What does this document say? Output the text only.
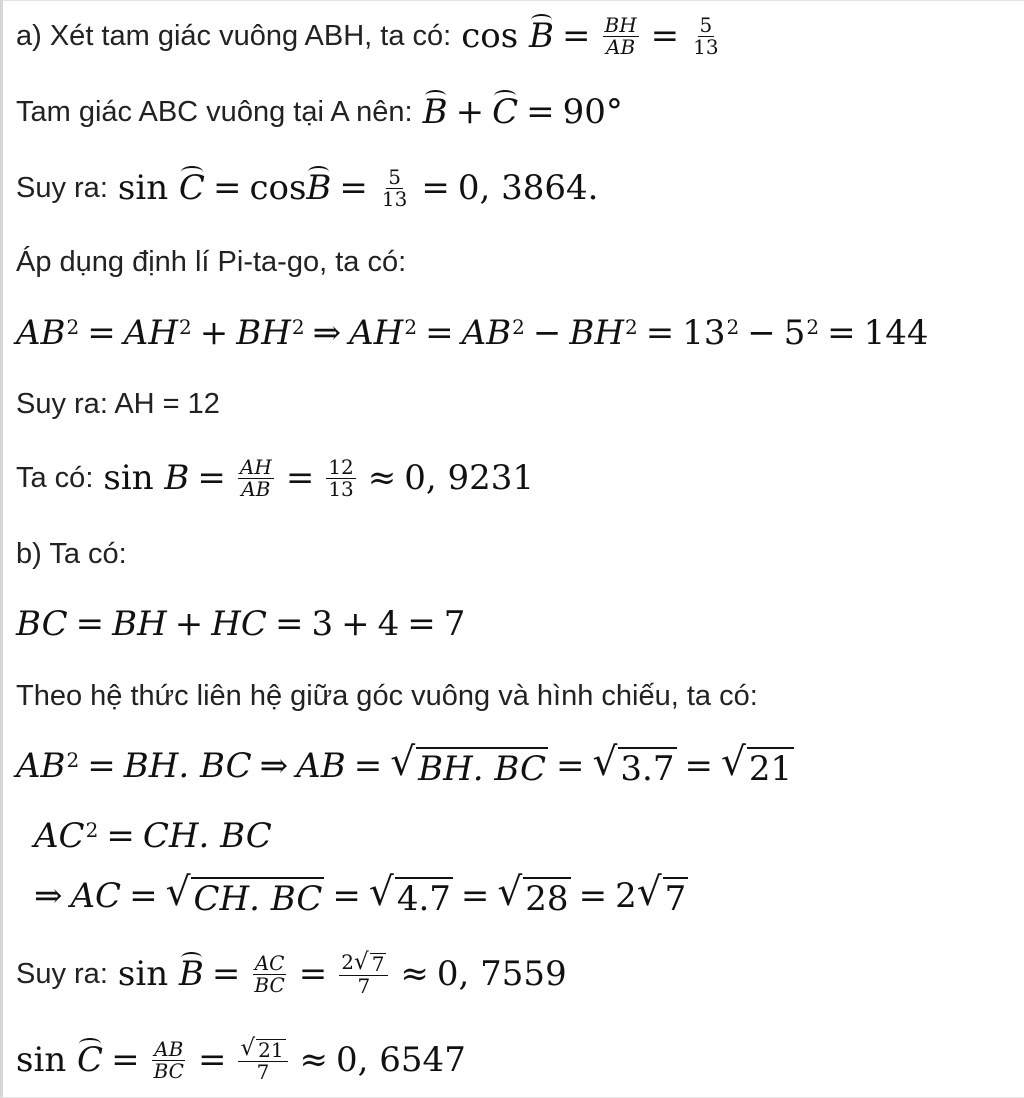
a) Xét tam giác vuông ABH, ta có: cos
$B = \frac{BH}{AB} = \frac{5}{13}$
Tam giác ABC vuông tại A nên: B + C = 90°
Suy ra: sin
$C = \cos B = \frac{5}{13} = 0$, 3864.
Áp dụng định lí Pi-ta-go, ta có:
AB 2 = AH 2 + BH 2 ⇒ AH 2 = AB 2 − BH 2 = 13 2 − 5 2 = 144
Suy ra: AH = 12
Ta có: sin
$B = \frac{AH}{AB} = \frac{12}{13} \approx 0$, 9231
b) Ta có:
BC = BH + HC = 3 + 4 = 7
Theo hệ thức liên hệ giữa góc vuông và hình chiếu, ta có:
AB 2 = BH. BC ⇒ AB = √ BH. BC = √ 3.7 = √ 21
AC 2 = CH. BC
⇒ AC = √ CH. BC = √ 4.7 = √ 28 = 2 √ 7
Suy ra: sin
$B = \frac{AC}{BC} = \frac{2 √ 7}{7} \approx 0$, 7559
sin
$C = \frac{AB}{BC} = \frac{√ 21}{7} \approx 0$, 6547
